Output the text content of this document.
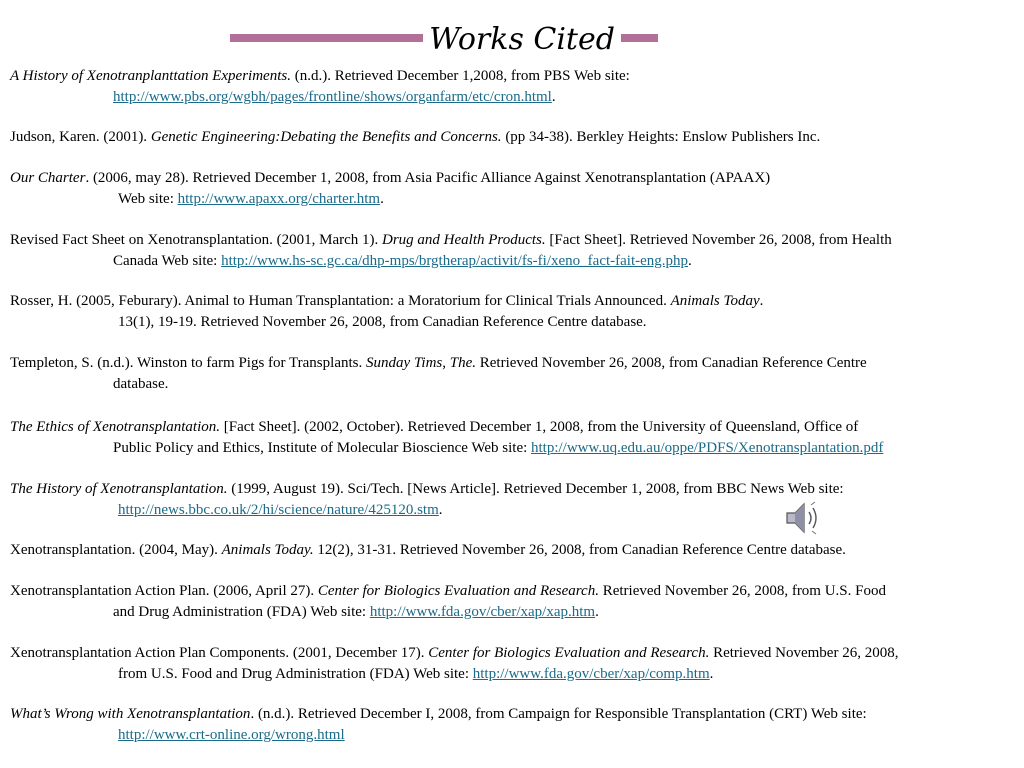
Works Cited
A History of Xenotranplanttation Experiments. (n.d.). Retrieved December 1,2008, from PBS Web site:
http://www.pbs.org/wgbh/pages/frontline/shows/organfarm/etc/cron.html.
Judson, Karen. (2001). Genetic Engineering:Debating the Benefits and Concerns. (pp 34-38). Berkley Heights: Enslow Publishers Inc.
Our Charter. (2006, may 28). Retrieved December 1, 2008, from Asia Pacific Alliance Against Xenotransplantation (APAAX)
Web site: http://www.apaxx.org/charter.htm.
Revised Fact Sheet on Xenotransplantation. (2001, March 1). Drug and Health Products. [Fact Sheet]. Retrieved November 26, 2008, from Health
Canada Web site: http://www.hs-sc.gc.ca/dhp-mps/brgtherap/activit/fs-fi/xeno_fact-fait-eng.php.
Rosser, H. (2005, Feburary). Animal to Human Transplantation: a Moratorium for Clinical Trials Announced. Animals Today.
13(1), 19-19. Retrieved November 26, 2008, from Canadian Reference Centre database.
Templeton, S. (n.d.). Winston to farm Pigs for Transplants. Sunday Tims, The. Retrieved November 26, 2008, from Canadian Reference Centre
database.
The Ethics of Xenotransplantation. [Fact Sheet]. (2002, October). Retrieved December 1, 2008, from the University of Queensland, Office of
Public Policy and Ethics, Institute of Molecular Bioscience Web site: http://www.uq.edu.au/oppe/PDFS/Xenotransplantation.pdf
The History of Xenotransplantation. (1999, August 19). Sci/Tech. [News Article]. Retrieved December 1, 2008, from BBC News Web site:
http://news.bbc.co.uk/2/hi/science/nature/425120.stm.
Xenotransplantation. (2004, May). Animals Today. 12(2), 31-31. Retrieved November 26, 2008, from Canadian Reference Centre database.
Xenotransplantation Action Plan. (2006, April 27). Center for Biologics Evaluation and Research. Retrieved November 26, 2008, from U.S. Food
and Drug Administration (FDA) Web site: http://www.fda.gov/cber/xap/xap.htm.
Xenotransplantation Action Plan Components. (2001, December 17). Center for Biologics Evaluation and Research. Retrieved November 26, 2008,
from U.S. Food and Drug Administration (FDA) Web site: http://www.fda.gov/cber/xap/comp.htm.
What’s Wrong with Xenotransplantation. (n.d.). Retrieved December I, 2008, from Campaign for Responsible Transplantation (CRT) Web site:
http://www.crt-online.org/wrong.html
